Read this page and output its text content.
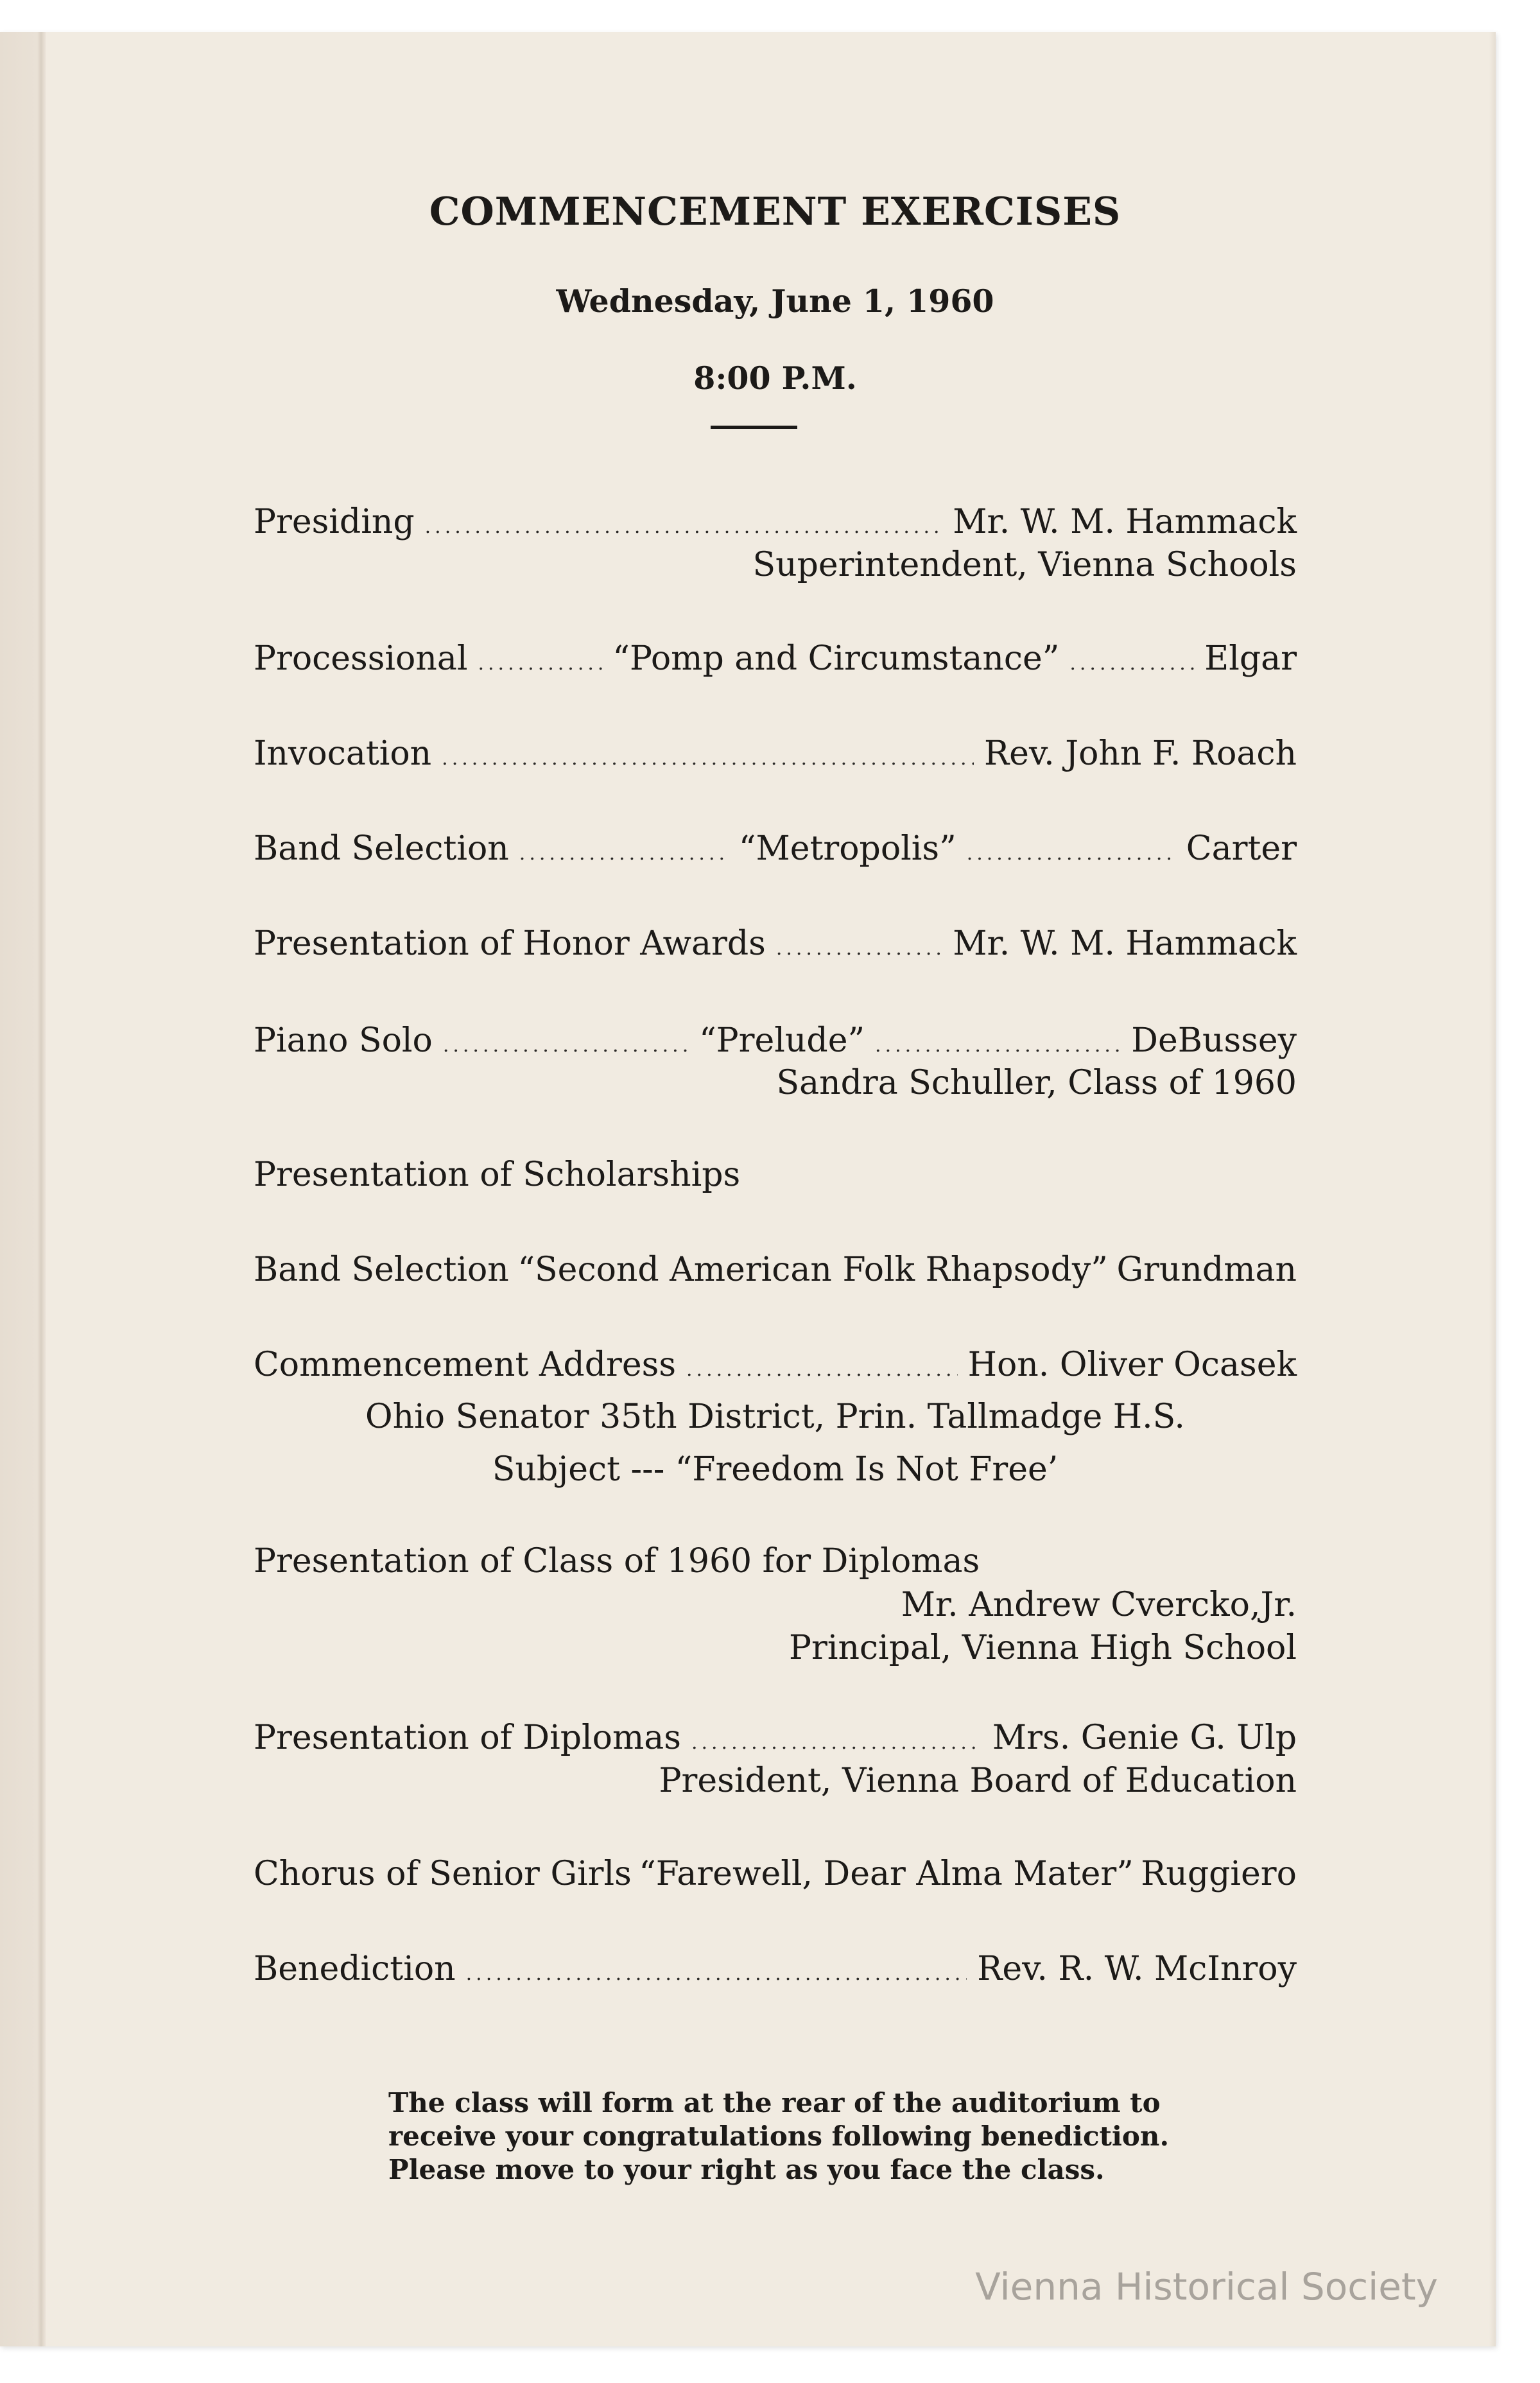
COMMENCEMENT EXERCISES
Wednesday, June 1, 1960
8:00 P.M.
Presiding .....	Mr. W. M. Hammack
Superintendent, Vienna Schools
Processional .....	“Pomp and Circumstance” .....	Elgar
Invocation .....	Rev. John F. Roach
Band Selection .....	“Metropolis” .....	Carter
Presentation of Honor Awards .....	Mr. W. M. Hammack
Piano Solo .....	“Prelude” .....	DeBussey
Sandra Schuller, Class of 1960
Presentation of Scholarships
Band Selection “Second American Folk Rhapsody” Grundman
Commencement Address .....	Hon. Oliver Ocasek
Ohio Senator 35th District, Prin. Tallmadge H.S.
Subject --- “Freedom Is Not Free’
Presentation of Class of 1960 for Diplomas
Mr. Andrew Cvercko,Jr.
Principal, Vienna High School
Presentation of Diplomas .....	Mrs. Genie G. Ulp
President, Vienna Board of Education
Chorus of Senior Girls “Farewell, Dear Alma Mater” Ruggiero
Benediction .....	Rev. R. W. McInroy
The class will form at the rear of the auditorium to
receive your congratulations following benediction.
Please move to your right as you face the class.
Vienna Historical Society
